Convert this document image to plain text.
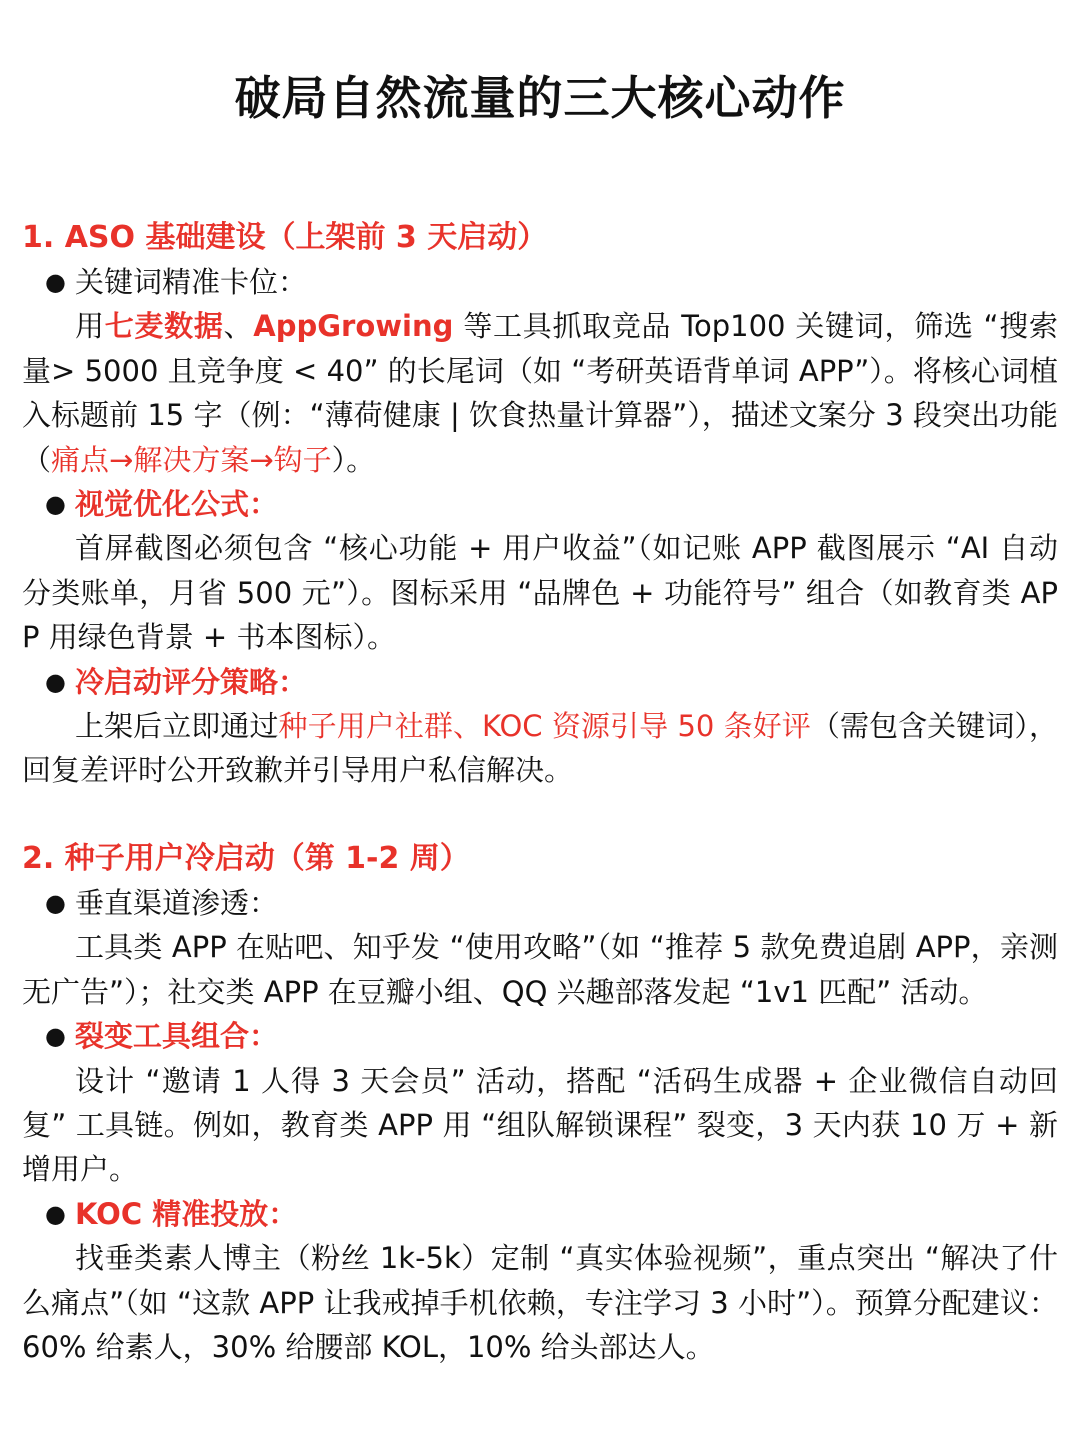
破局自然流量的三大核心动作

1. ASO 基础建设（上架前 3 天启动）

● 关键词精准卡位：

用七麦数据、AppGrowing 等工具抓取竞品 Top100 关键词，筛选 “搜索量> 5000 且竞争度 < 40” 的长尾词（如 “考研英语背单词 APP”）。将核心词植入标题前 15 字（例：“薄荷健康 | 饮食热量计算器”），描述文案分 3 段突出功能（痛点→解决方案→钩子）。

● 视觉优化公式：

首屏截图必须包含 “核心功能 + 用户收益”（如记账 APP 截图展示 “AI 自动分类账单，月省 500 元”）。图标采用 “品牌色 + 功能符号” 组合（如教育类 APP 用绿色背景 + 书本图标）。

● 冷启动评分策略：

上架后立即通过种子用户社群、KOC 资源引导 50 条好评（需包含关键词），回复差评时公开致歉并引导用户私信解决。

2. 种子用户冷启动（第 1-2 周）

● 垂直渠道渗透：

工具类 APP 在贴吧、知乎发 “使用攻略”（如 “推荐 5 款免费追剧 APP，亲测无广告”）；社交类 APP 在豆瓣小组、QQ 兴趣部落发起 “1v1 匹配” 活动。

● 裂变工具组合：

设计 “邀请 1 人得 3 天会员” 活动，搭配 “活码生成器 + 企业微信自动回复” 工具链。例如，教育类 APP 用 “组队解锁课程” 裂变，3 天内获 10 万 + 新增用户。

● KOC 精准投放：

找垂类素人博主（粉丝 1k-5k）定制 “真实体验视频”，重点突出 “解决了什么痛点”（如 “这款 APP 让我戒掉手机依赖，专注学习 3 小时”）。预算分配建议：60% 给素人，30% 给腰部 KOL，10% 给头部达人。
